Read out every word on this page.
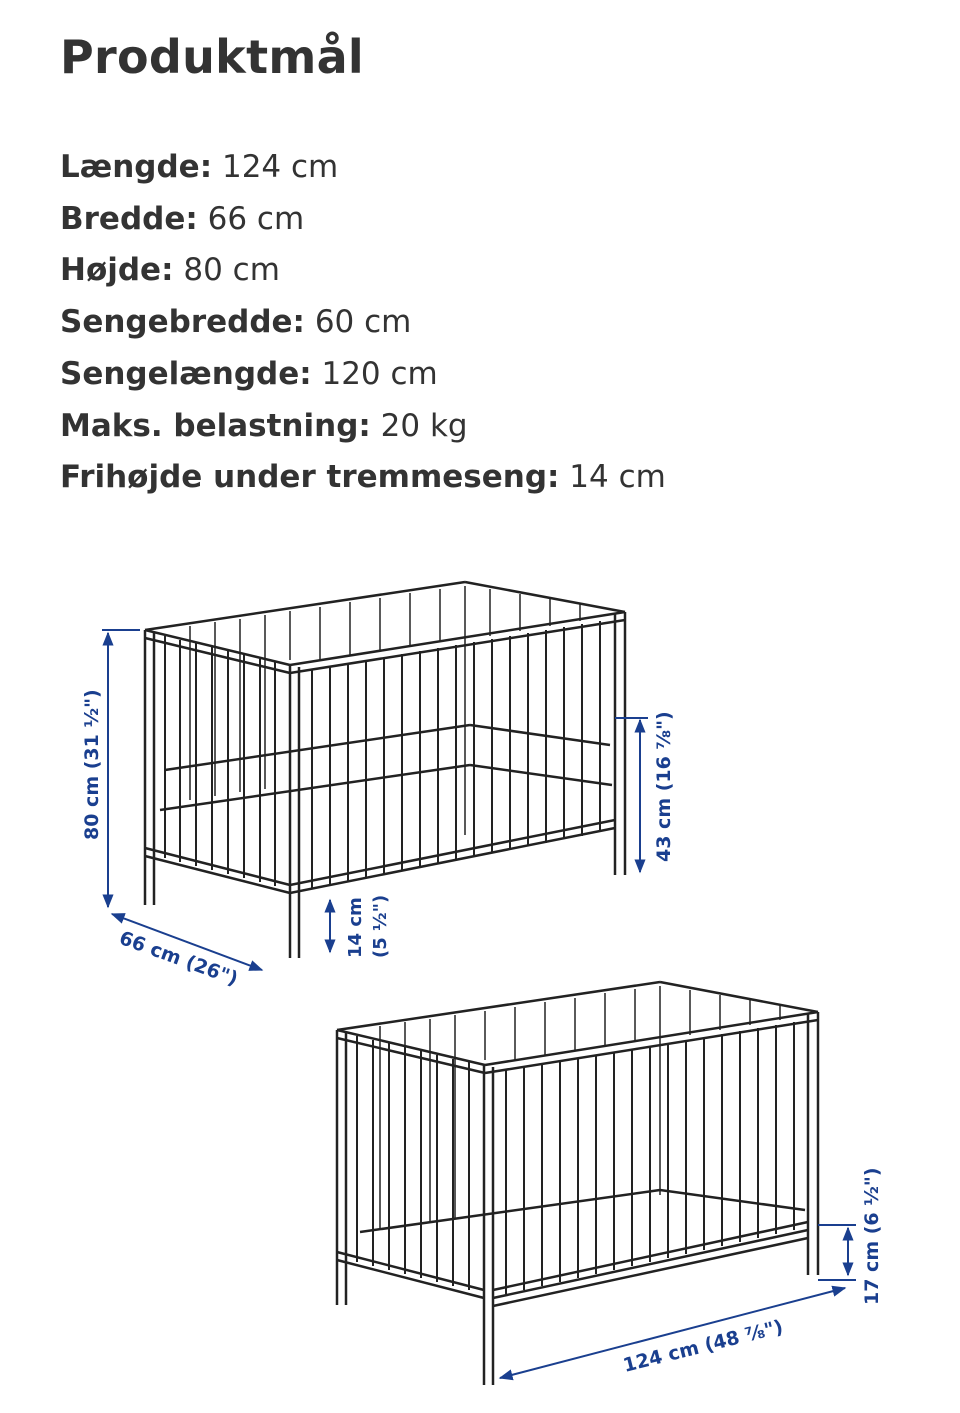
Produktmål
Længde: 124 cm
Bredde: 66 cm
Højde: 80 cm
Sengebredde: 60 cm
Sengelængde: 120 cm
Maks. belastning: 20 kg
Frihøjde under tremmeseng: 14 cm
80 cm (31 ½")
66 cm (26")	14 cm (5 ½")
43 cm (16 ⅞")
17 cm (6 ½")
124 cm (48 ⅞")
